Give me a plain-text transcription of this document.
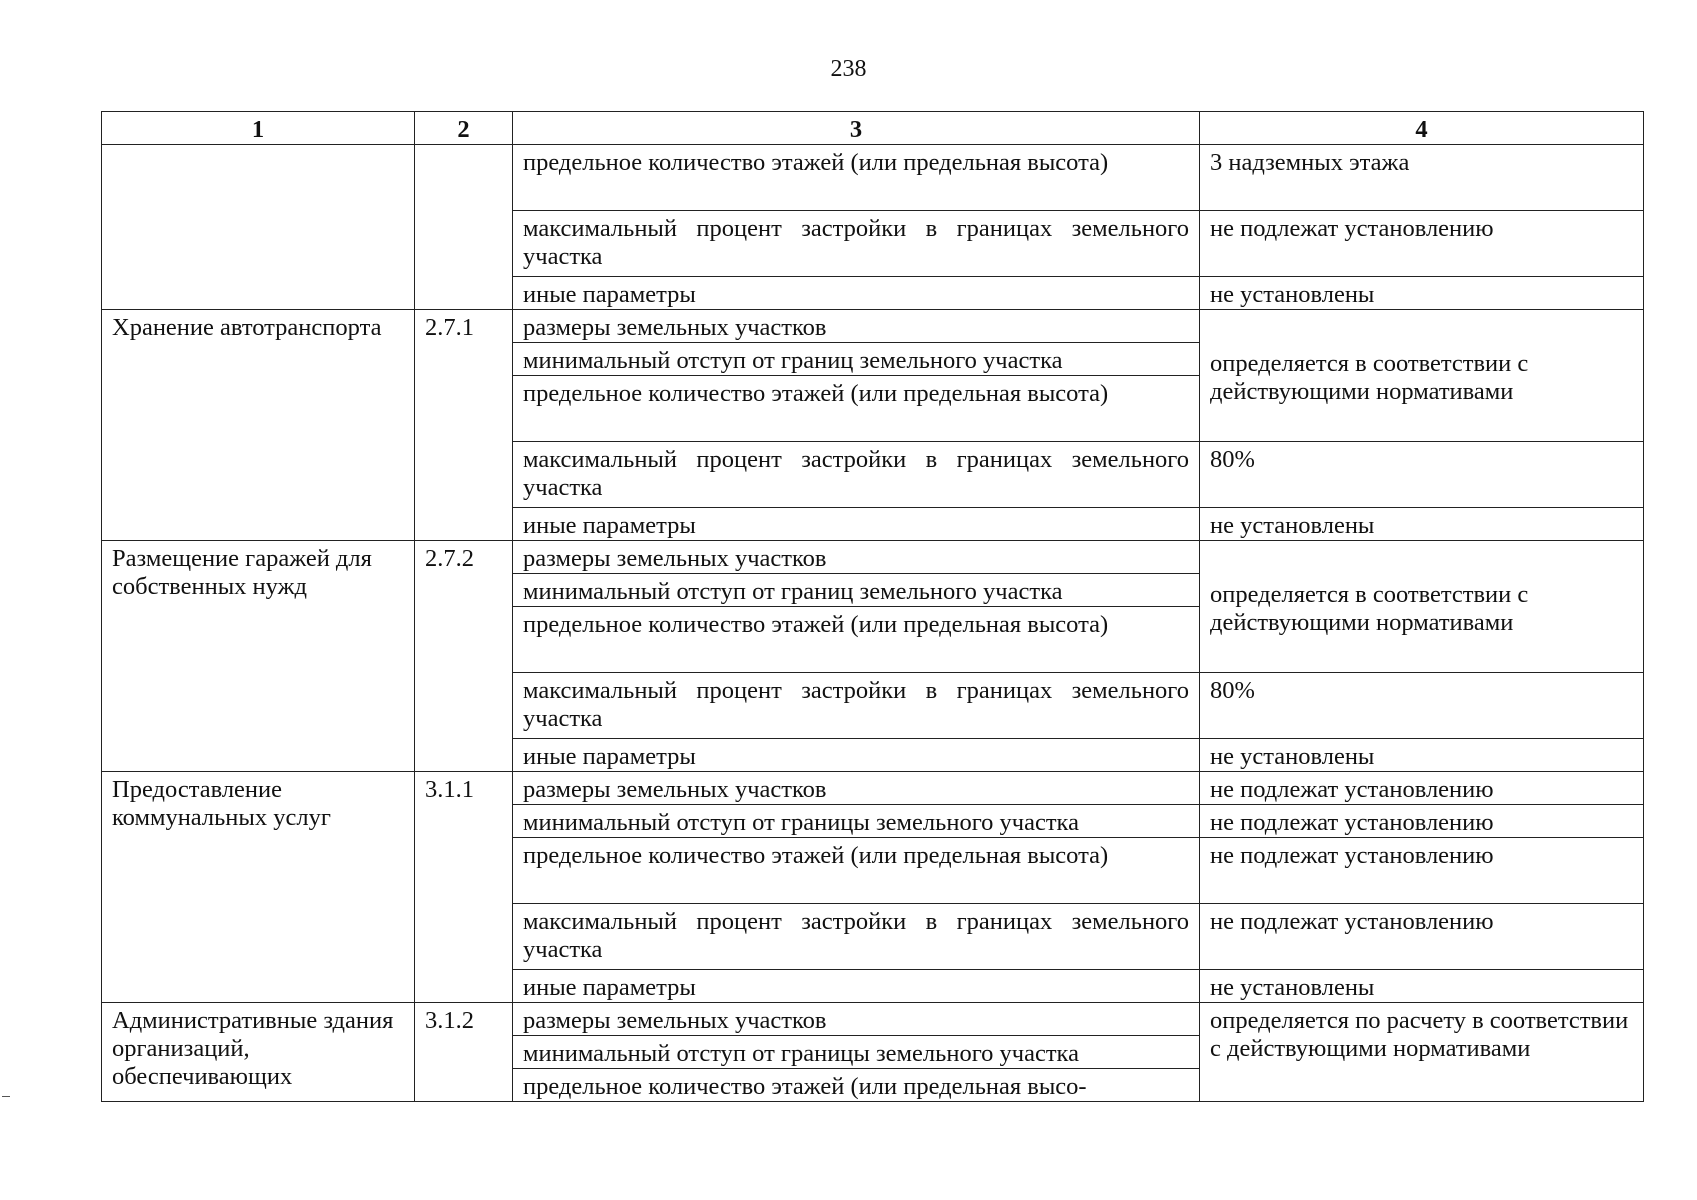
238
1	2	3	4
		предельное количество этажей (или предельная высота)	3 надземных этажа
		максимальный процент застройки в границах земельного участка	не подлежат установлению
		иные параметры	не установлены
Хранение автотранспорта	2.7.1	размеры земельных участков	определяется в соответствии с действующими нормативами
		минимальный отступ от границ земельного участка	
		предельное количество этажей (или предельная высота)	
		максимальный процент застройки в границах земельного участка	80%
		иные параметры	не установлены
Размещение гаражей для собственных нужд	2.7.2	размеры земельных участков	определяется в соответствии с действующими нормативами
		минимальный отступ от границ земельного участка	
		предельное количество этажей (или предельная высота)	
		максимальный процент застройки в границах земельного участка	80%
		иные параметры	не установлены
Предоставление коммунальных услуг	3.1.1	размеры земельных участков	не подлежат установлению
		минимальный отступ от границы земельного участка	не подлежат установлению
		предельное количество этажей (или предельная высота)	не подлежат установлению
		максимальный процент застройки в границах земельного участка	не подлежат установлению
		иные параметры	не установлены
Административные здания организаций, обеспечивающих	3.1.2	размеры земельных участков	определяется по расчету в соответствии с действующими нормативами
		минимальный отступ от границы земельного участка	
		предельное количество этажей (или предельная высо-	
